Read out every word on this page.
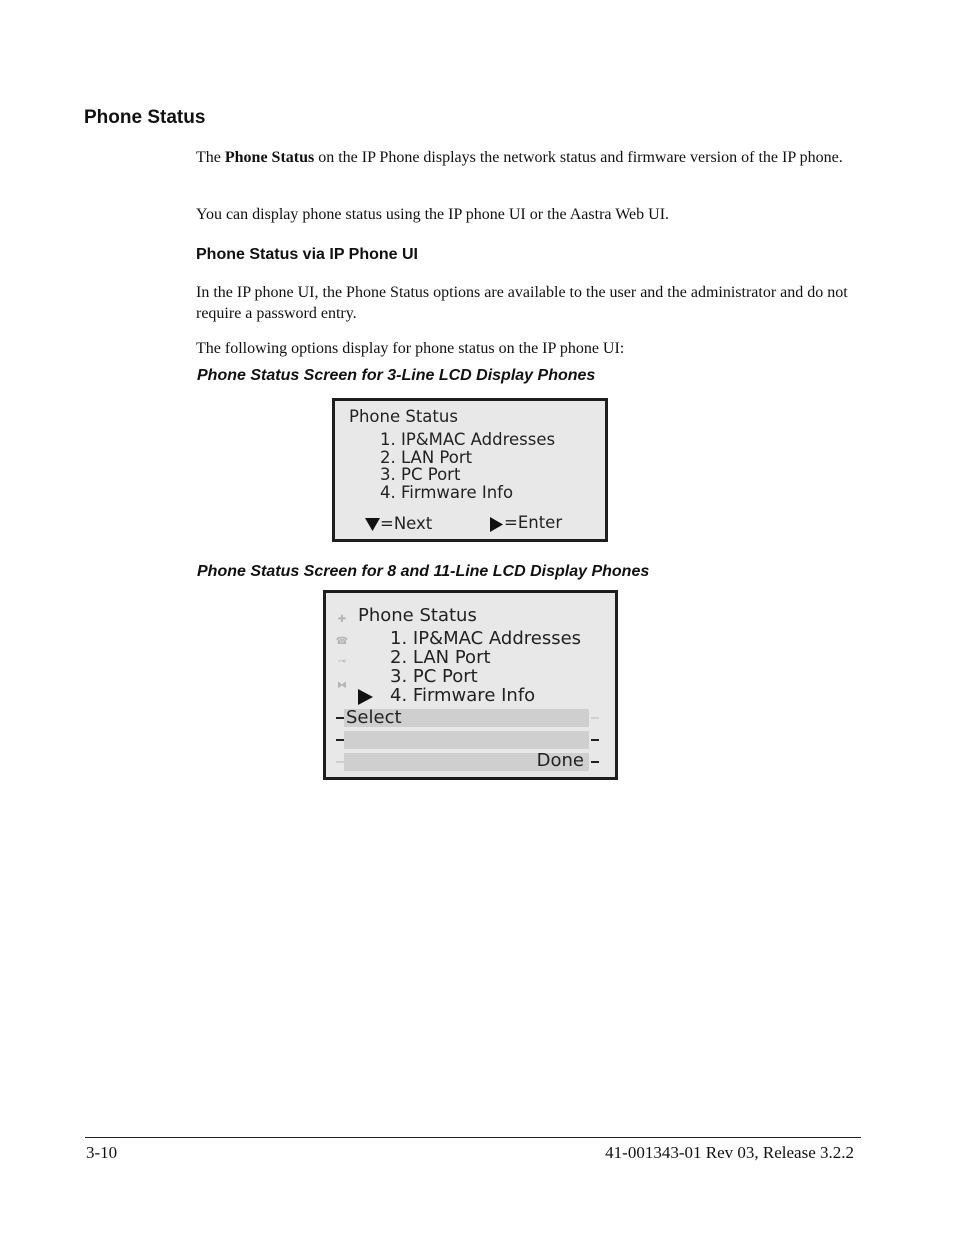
Phone Status
The Phone Status on the IP Phone displays the network status and firmware version of the IP phone.
You can display phone status using the IP phone UI or the Aastra Web UI.
Phone Status via IP Phone UI
In the IP phone UI, the Phone Status options are available to the user and the administrator and do not require a password entry.
The following options display for phone status on the IP phone UI:
Phone Status Screen for 3-Line LCD Display Phones
Phone Status
1. IP&MAC Addresses
2. LAN Port
3. PC Port
4. Firmware Info
=Next	=Enter
Phone Status Screen for 8 and 11-Line LCD Display Phones
✚
☎
⊸
⧓
Phone Status
1. IP&MAC Addresses
2. LAN Port
3. PC Port
4. Firmware Info
Select
Done
3-10	41-001343-01 Rev 03, Release 3.2.2
